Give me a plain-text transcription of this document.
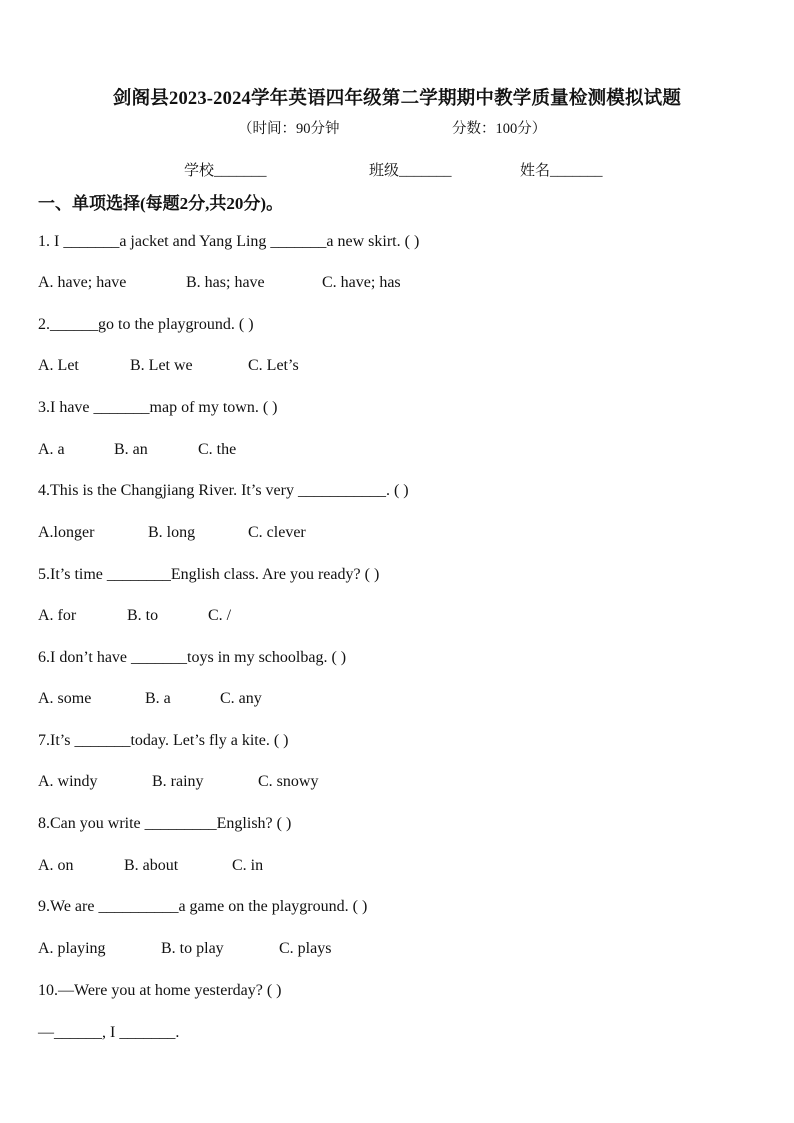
剑阁县2023-2024学年英语四年级第二学期期中教学质量检测模拟试题
（时间：90分钟	分数：100分）
学校_______	班级_______	姓名_______
一、单项选择(每题2分,共20分)。
1. I _______a jacket and Yang Ling _______a new skirt. ( )
A. have; have	B. has; have	C. have; has
2.______go to the playground. ( )
A. Let	B. Let we	C. Let’s
3.I have _______map of my town. ( )
A. a	B. an	C. the
4.This is the Changjiang River. It’s very ___________. ( )
A.longer	B. long	C. clever
5.It’s time ________English class. Are you ready? ( )
A. for	B. to	C. /
6.I don’t have _______toys in my schoolbag. ( )
A. some	B. a	C. any
7.It’s _______today. Let’s fly a kite. ( )
A. windy	B. rainy	C. snowy
8.Can you write _________English? ( )
A. on	B. about	C. in
9.We are __________a game on the playground. ( )
A. playing	B. to play	C. plays
10.—Were you at home yesterday? ( )
—______, I _______.
